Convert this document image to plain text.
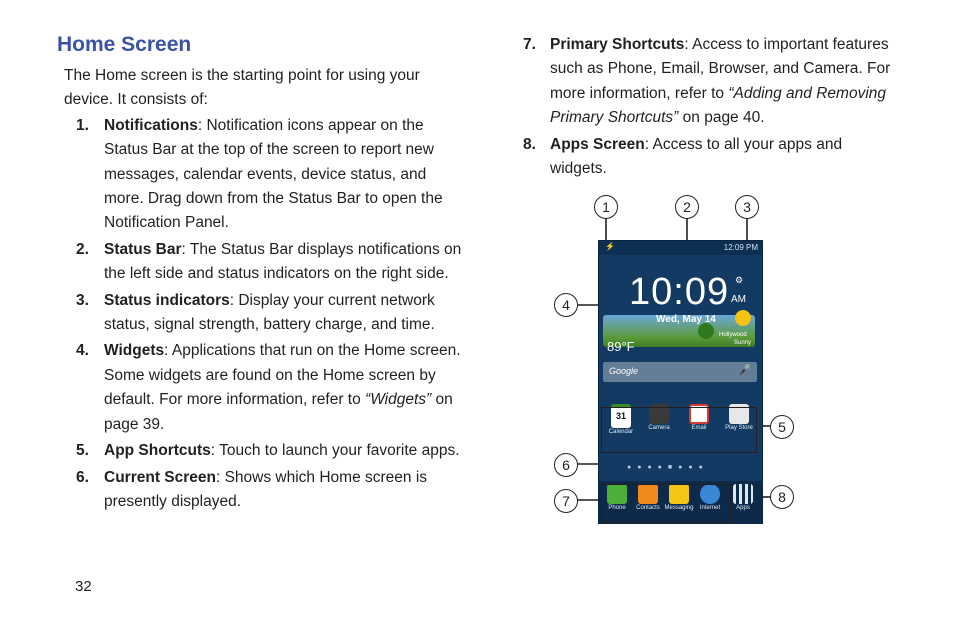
Home Screen

The Home screen is the starting point for using your device. It consists of:

1. Notifications: Notification icons appear on the Status Bar at the top of the screen to report new messages, calendar events, device status, and more. Drag down from the Status Bar to open the Notification Panel.
2. Status Bar: The Status Bar displays notifications on the left side and status indicators on the right side.
3. Status indicators: Display your current network status, signal strength, battery charge, and time.
4. Widgets: Applications that run on the Home screen. Some widgets are found on the Home screen by default. For more information, refer to “Widgets” on page 39.
5. App Shortcuts: Touch to launch your favorite apps.
6. Current Screen: Shows which Home screen is presently displayed.
7. Primary Shortcuts: Access to important features such as Phone, Email, Browser, and Camera. For more information, refer to “Adding and Removing Primary Shortcuts” on page 40.
8. Apps Screen: Access to all your apps and widgets.
⚡	12:09 PM
10:09 AM
⚙
Wed, May 14
89°F
Hollywood
Sunny
Google	🎤
31
Calendar
Camera	Email	Play Store
●●●●■●●●
Phone	Contacts Messaging	Internet	Apps
1	2	3
4
5
6
7	8
32
